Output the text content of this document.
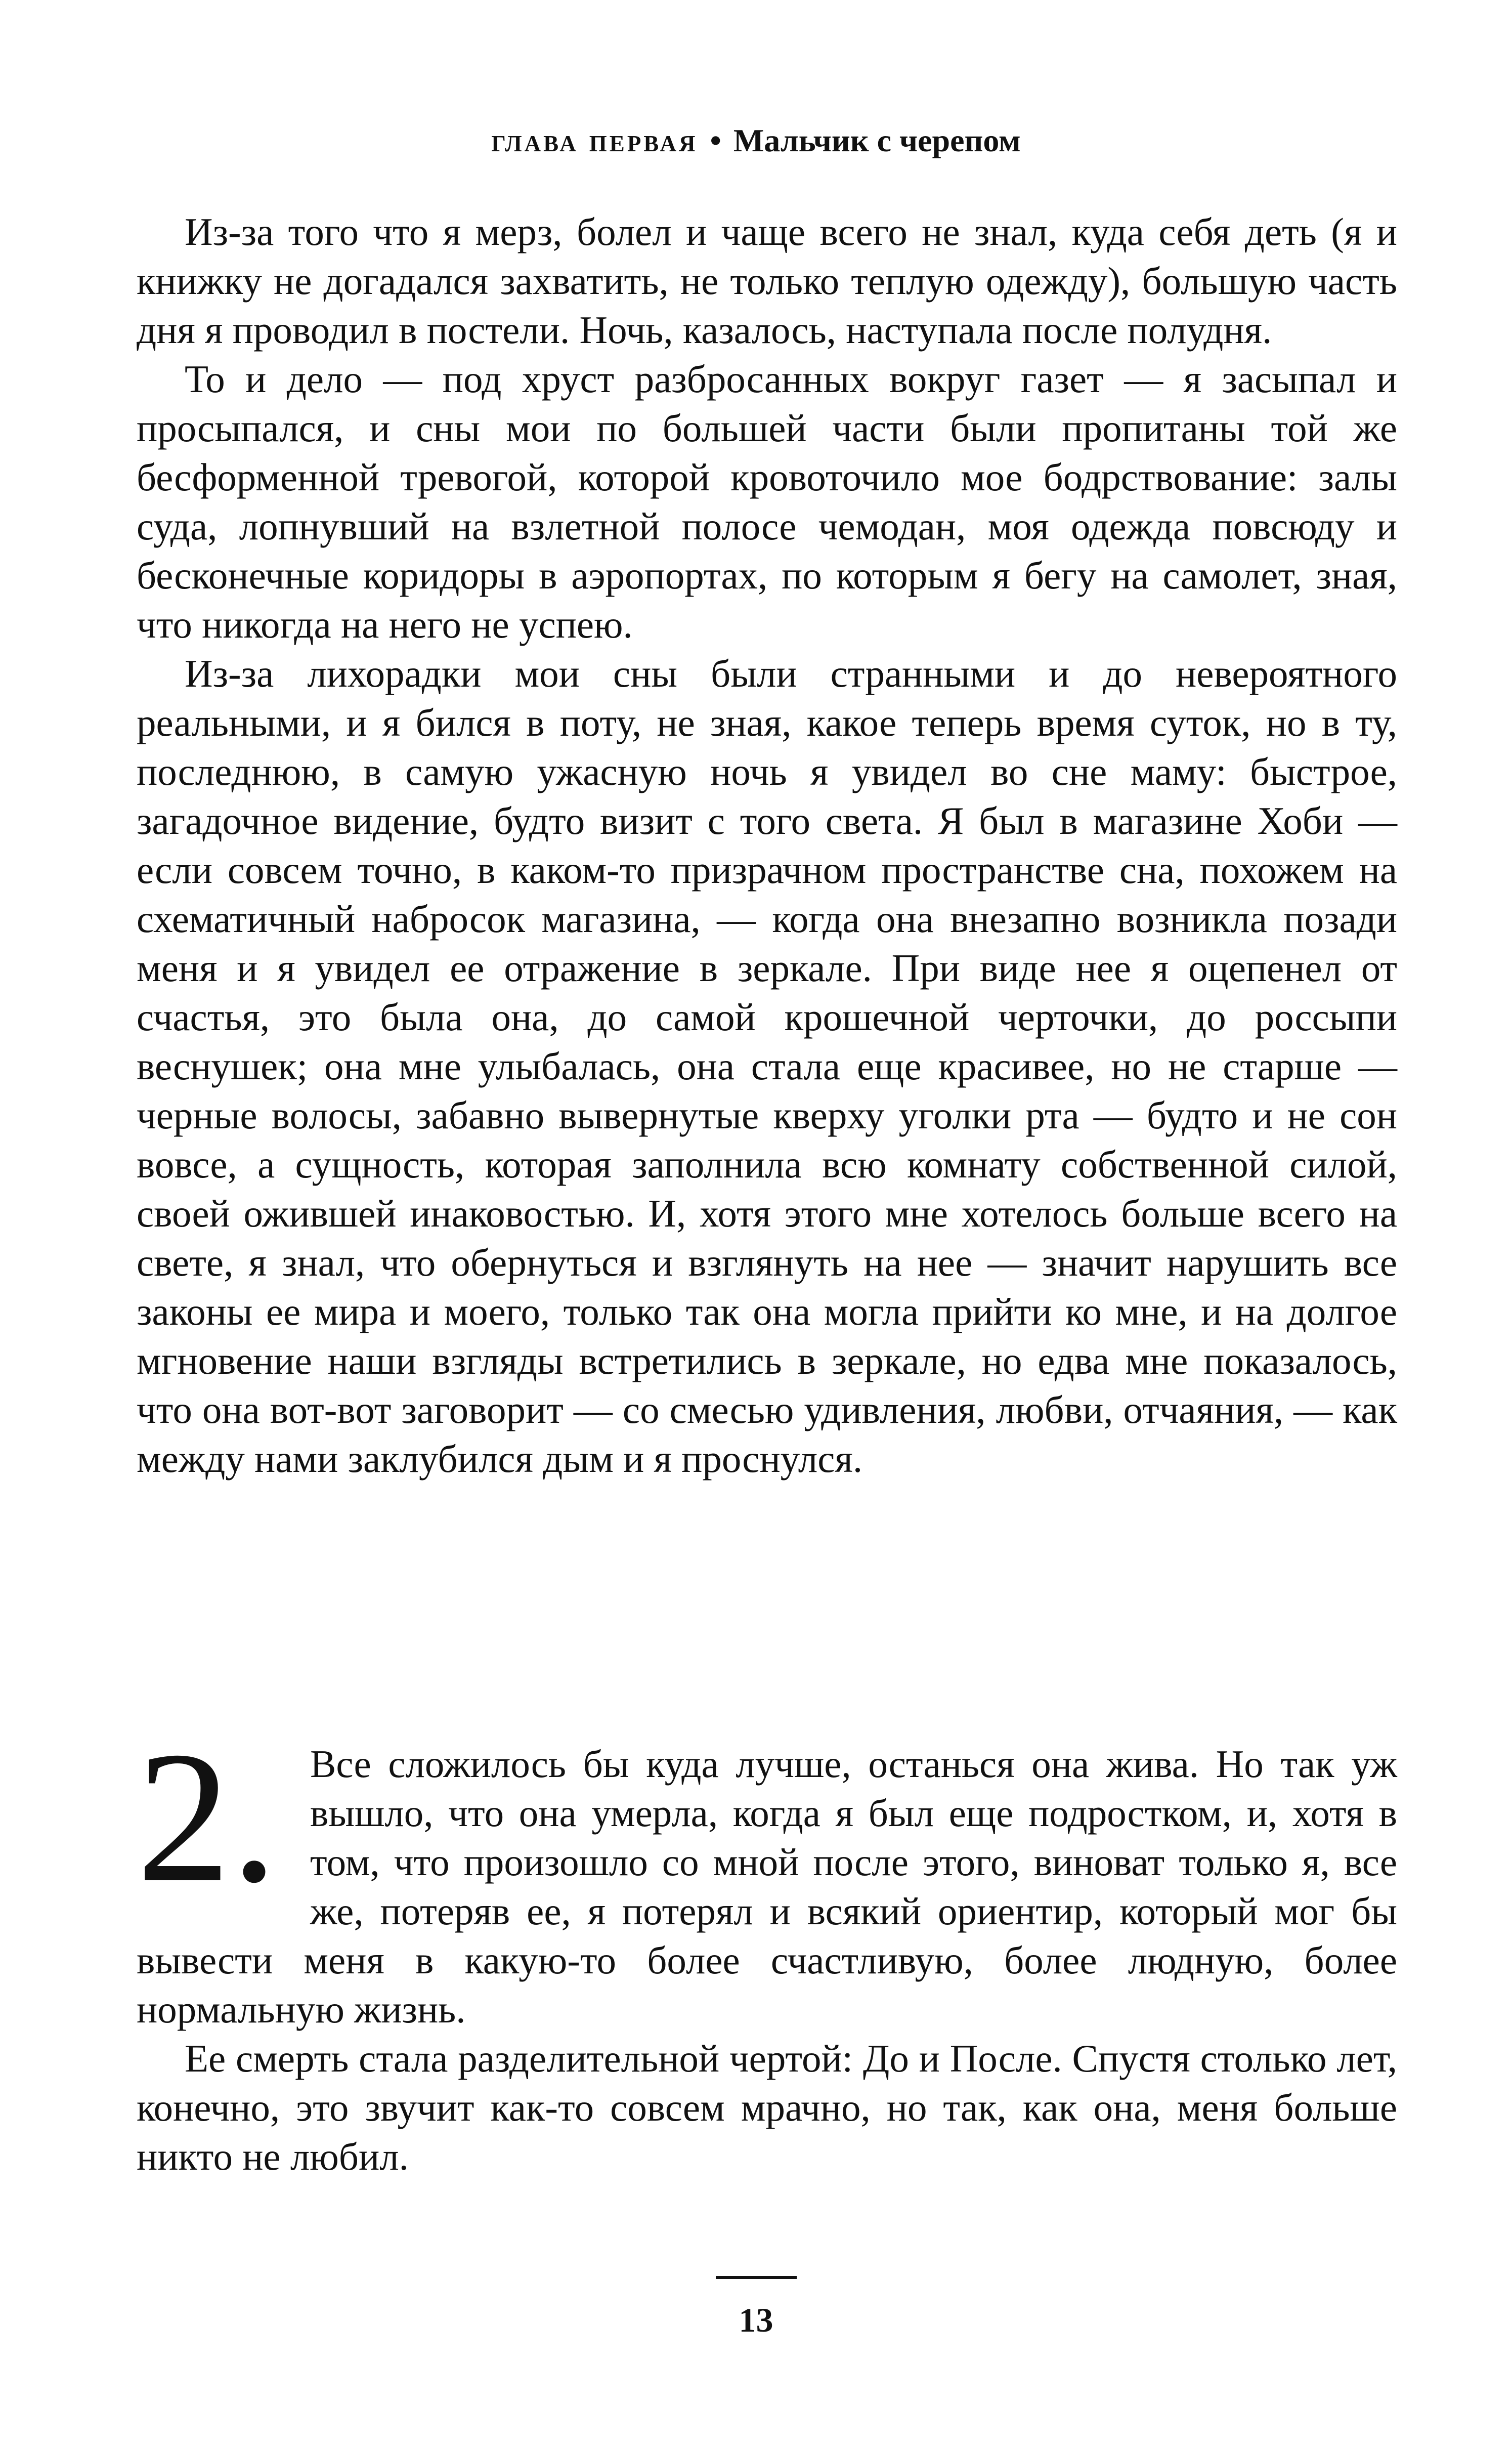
глава первая • Мальчик с черепом

Из-за того что я мерз, болел и чаще всего не знал, куда себя деть (я и книжку не догадался захватить, не только теплую одежду), большую часть дня я проводил в постели. Ночь, казалось, наступала после полудня.

То и дело — под хруст разбросанных вокруг газет — я засыпал и просыпался, и сны мои по большей части были пропитаны той же бесформенной тревогой, которой кровоточило мое бодрствование: залы суда, лопнувший на взлетной полосе чемодан, моя одежда повсюду и бесконечные коридоры в аэропортах, по которым я бегу на самолет, зная, что никогда на него не успею.

Из-за лихорадки мои сны были странными и до невероятного реальными, и я бился в поту, не зная, какое теперь время суток, но в ту, последнюю, в самую ужасную ночь я увидел во сне маму: быстрое, загадочное видение, будто визит с того света. Я был в магазине Хоби — если совсем точно, в каком-то призрачном пространстве сна, похожем на схематичный набросок магазина, — когда она внезапно возникла позади меня и я увидел ее отражение в зеркале. При виде нее я оцепенел от счастья, это была она, до самой крошечной черточки, до россыпи веснушек; она мне улыбалась, она стала еще красивее, но не старше — черные волосы, забавно вывернутые кверху уголки рта — будто и не сон вовсе, а сущность, которая заполнила всю комнату собственной силой, своей ожившей инаковостью. И, хотя этого мне хотелось больше всего на свете, я знал, что обернуться и взглянуть на нее — значит нарушить все законы ее мира и моего, только так она могла прийти ко мне, и на долгое мгновение наши взгляды встретились в зеркале, но едва мне показалось, что она вот-вот заговорит — со смесью удивления, любви, отчаяния, — как между нами заклубился дым и я проснулся.

2. Все сложилось бы куда лучше, останься она жива. Но так уж вышло, что она умерла, когда я был еще подростком, и, хотя в том, что произошло со мной после этого, виноват только я, все же, потеряв ее, я потерял и всякий ориентир, который мог бы вывести меня в какую-то более счастливую, более людную, более нормальную жизнь.

Ее смерть стала разделительной чертой: До и После. Спустя столько лет, конечно, это звучит как-то совсем мрачно, но так, как она, меня больше никто не любил.

13
